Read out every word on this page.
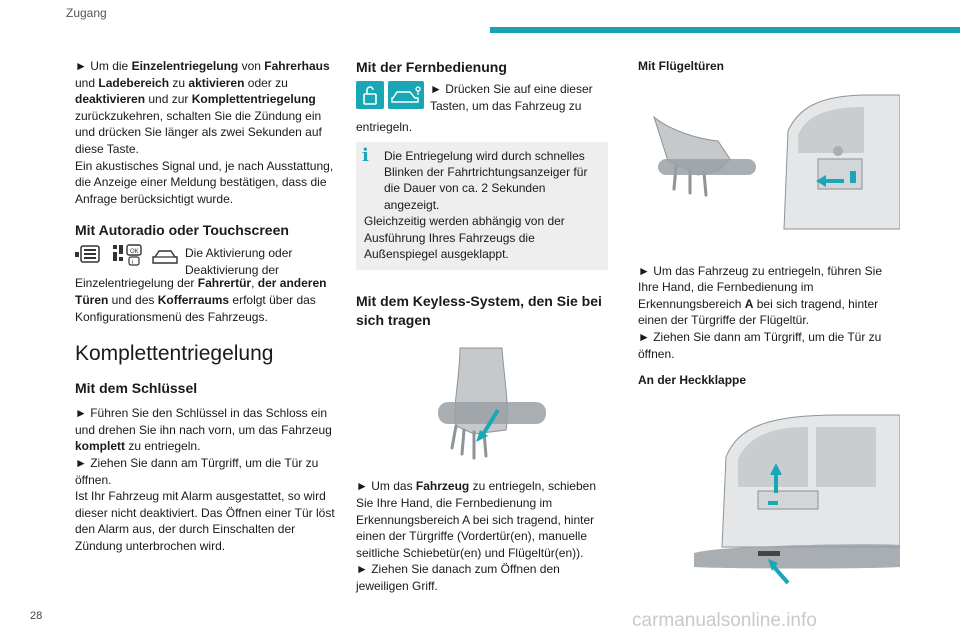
Zugang

► Um die Einzelentriegelung von Fahrerhaus und Ladebereich zu aktivieren oder zu deaktivieren und zur Komplettentriegelung zurückzukehren, schalten Sie die Zündung ein und drücken Sie länger als zwei Sekunden auf diese Taste.

Ein akustisches Signal und, je nach Ausstattung, die Anzeige einer Meldung bestätigen, dass die Anfrage berücksichtigt wurde.

Mit Autoradio oder Touchscreen
OK
i
Die Aktivierung oder Deaktivierung der

Einzelentriegelung der Fahrertür, der anderen Türen und des Kofferraums erfolgt über das Konfigurationsmenü des Fahrzeugs.

Komplettentriegelung
Mit dem Schlüssel

► Führen Sie den Schlüssel in das Schloss ein und drehen Sie ihn nach vorn, um das Fahrzeug komplett zu entriegeln.

► Ziehen Sie dann am Türgriff, um die Tür zu öffnen.

Ist Ihr Fahrzeug mit Alarm ausgestattet, so wird dieser nicht deaktiviert. Das Öffnen einer Tür löst den Alarm aus, der durch Einschalten der Zündung unterbrochen wird.

Mit der Fernbedienung
► Drücken Sie auf eine dieser Tasten, um das Fahrzeug zu

entriegeln.

i	Die Entriegelung wird durch schnelles Blinken der Fahrtrichtungsanzeiger für die Dauer von ca. 2 Sekunden angezeigt.
Gleichzeitig werden abhängig von der Ausführung Ihres Fahrzeugs die Außenspiegel ausgeklappt.
Mit dem Keyless-System, den Sie bei sich tragen

► Um das Fahrzeug zu entriegeln, schieben Sie Ihre Hand, die Fernbedienung im Erkennungsbereich A bei sich tragend, hinter einen der Türgriffe (Vordertür(en), manuelle seitliche Schiebetür(en) und Flügeltür(en)).

► Ziehen Sie danach zum Öffnen den jeweiligen Griff.

Mit Flügeltüren

► Um das Fahrzeug zu entriegeln, führen Sie Ihre Hand, die Fernbedienung im Erkennungsbereich A bei sich tragend, hinter einen der Türgriffe der Flügeltür.

► Ziehen Sie dann am Türgriff, um die Tür zu öffnen.

An der Heckklappe
28	carmanualsonline.info
